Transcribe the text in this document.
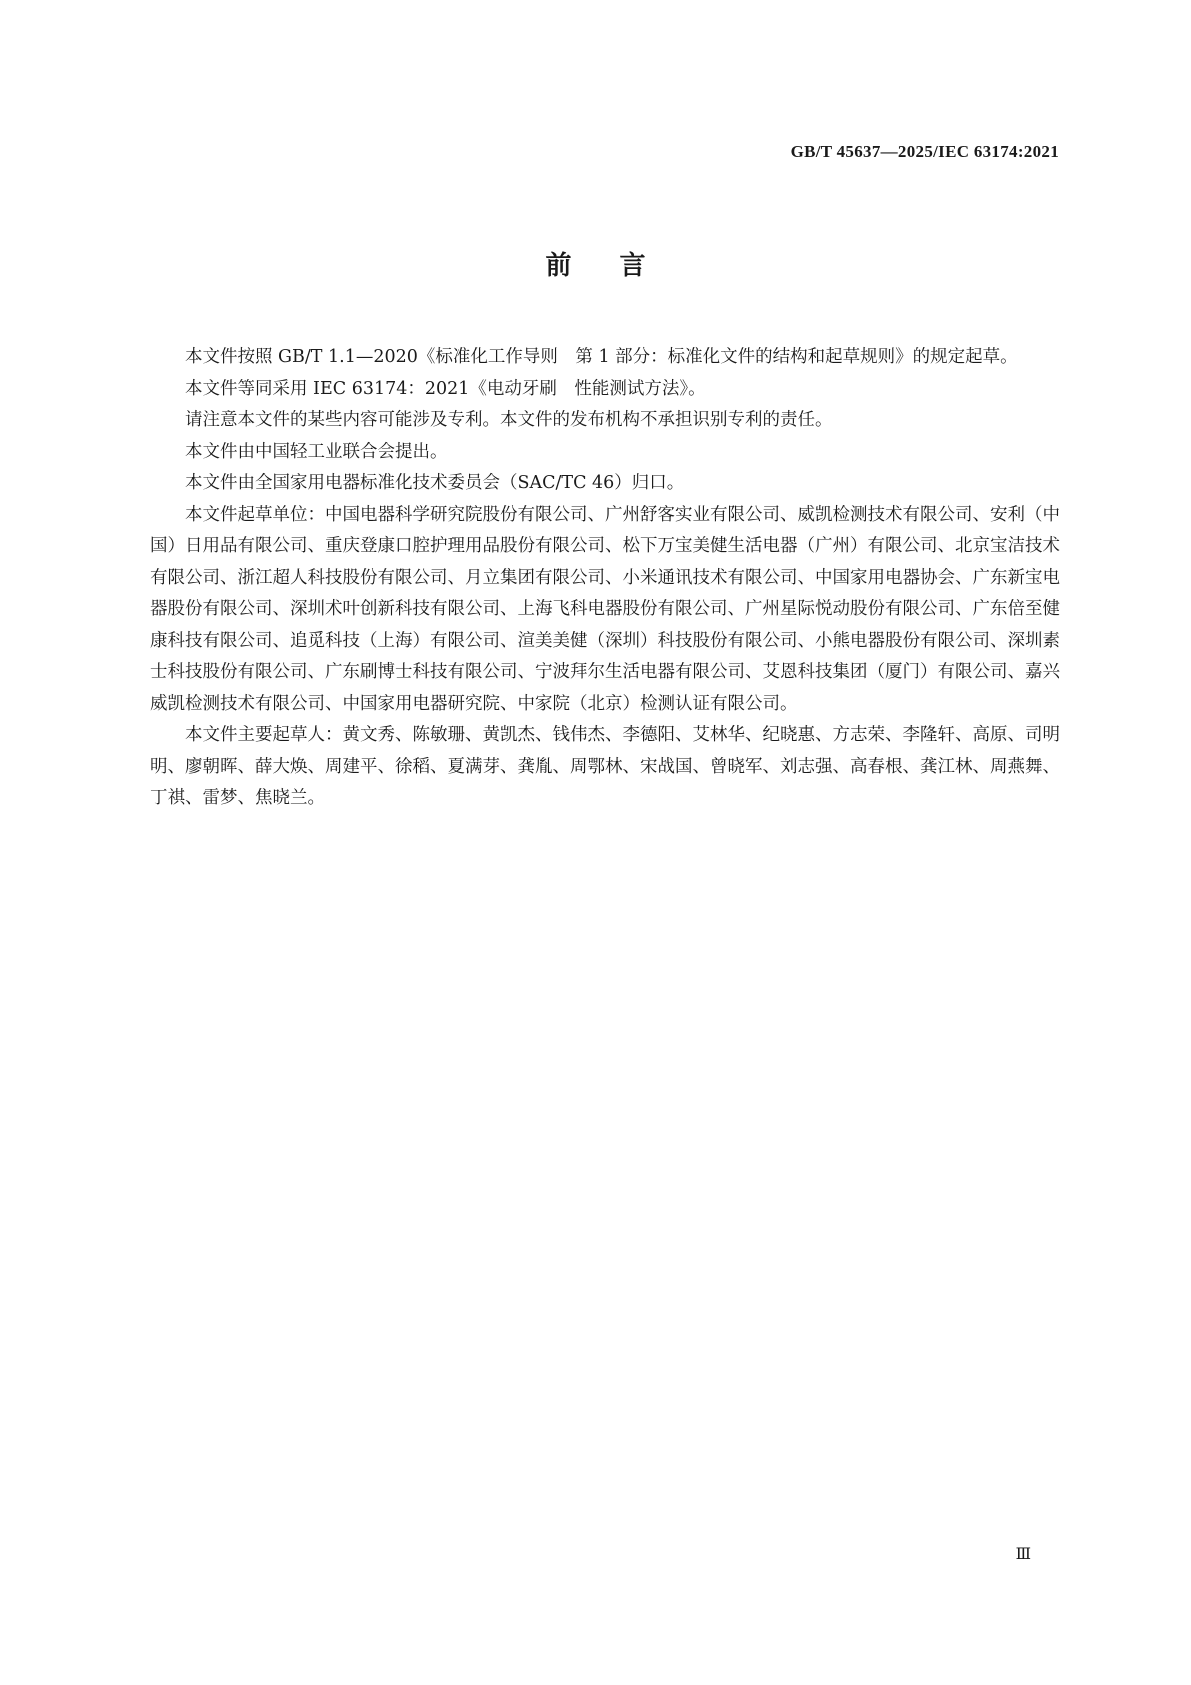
GB/T 45637—2025/IEC 63174:2021
前言

本文件按照 GB/T 1.1—2020《标准化工作导则　第 1 部分：标准化文件的结构和起草规则》的规定起草。

本文件等同采用 IEC 63174：2021《电动牙刷　性能测试方法》。

请注意本文件的某些内容可能涉及专利。本文件的发布机构不承担识别专利的责任。

本文件由中国轻工业联合会提出。

本文件由全国家用电器标准化技术委员会（SAC/TC 46）归口。

本文件起草单位：中国电器科学研究院股份有限公司、广州舒客实业有限公司、威凯检测技术有限公司、安利（中国）日用品有限公司、重庆登康口腔护理用品股份有限公司、松下万宝美健生活电器（广州）有限公司、北京宝洁技术有限公司、浙江超人科技股份有限公司、月立集团有限公司、小米通讯技术有限公司、中国家用电器协会、广东新宝电器股份有限公司、深圳术叶创新科技有限公司、上海飞科电器股份有限公司、广州星际悦动股份有限公司、广东倍至健康科技有限公司、追觅科技（上海）有限公司、渲美美健（深圳）科技股份有限公司、小熊电器股份有限公司、深圳素士科技股份有限公司、广东刷博士科技有限公司、宁波拜尔生活电器有限公司、艾恩科技集团（厦门）有限公司、嘉兴威凯检测技术有限公司、中国家用电器研究院、中家院（北京）检测认证有限公司。

本文件主要起草人：黄文秀、陈敏珊、黄凯杰、钱伟杰、李德阳、艾林华、纪晓惠、方志荣、李隆轩、高原、司明明、廖朝晖、薛大焕、周建平、徐稻、夏满芽、龚胤、周鄂林、宋战国、曾晓军、刘志强、高春根、龚江林、周燕舞、丁祺、雷梦、焦晓兰。

Ⅲ
